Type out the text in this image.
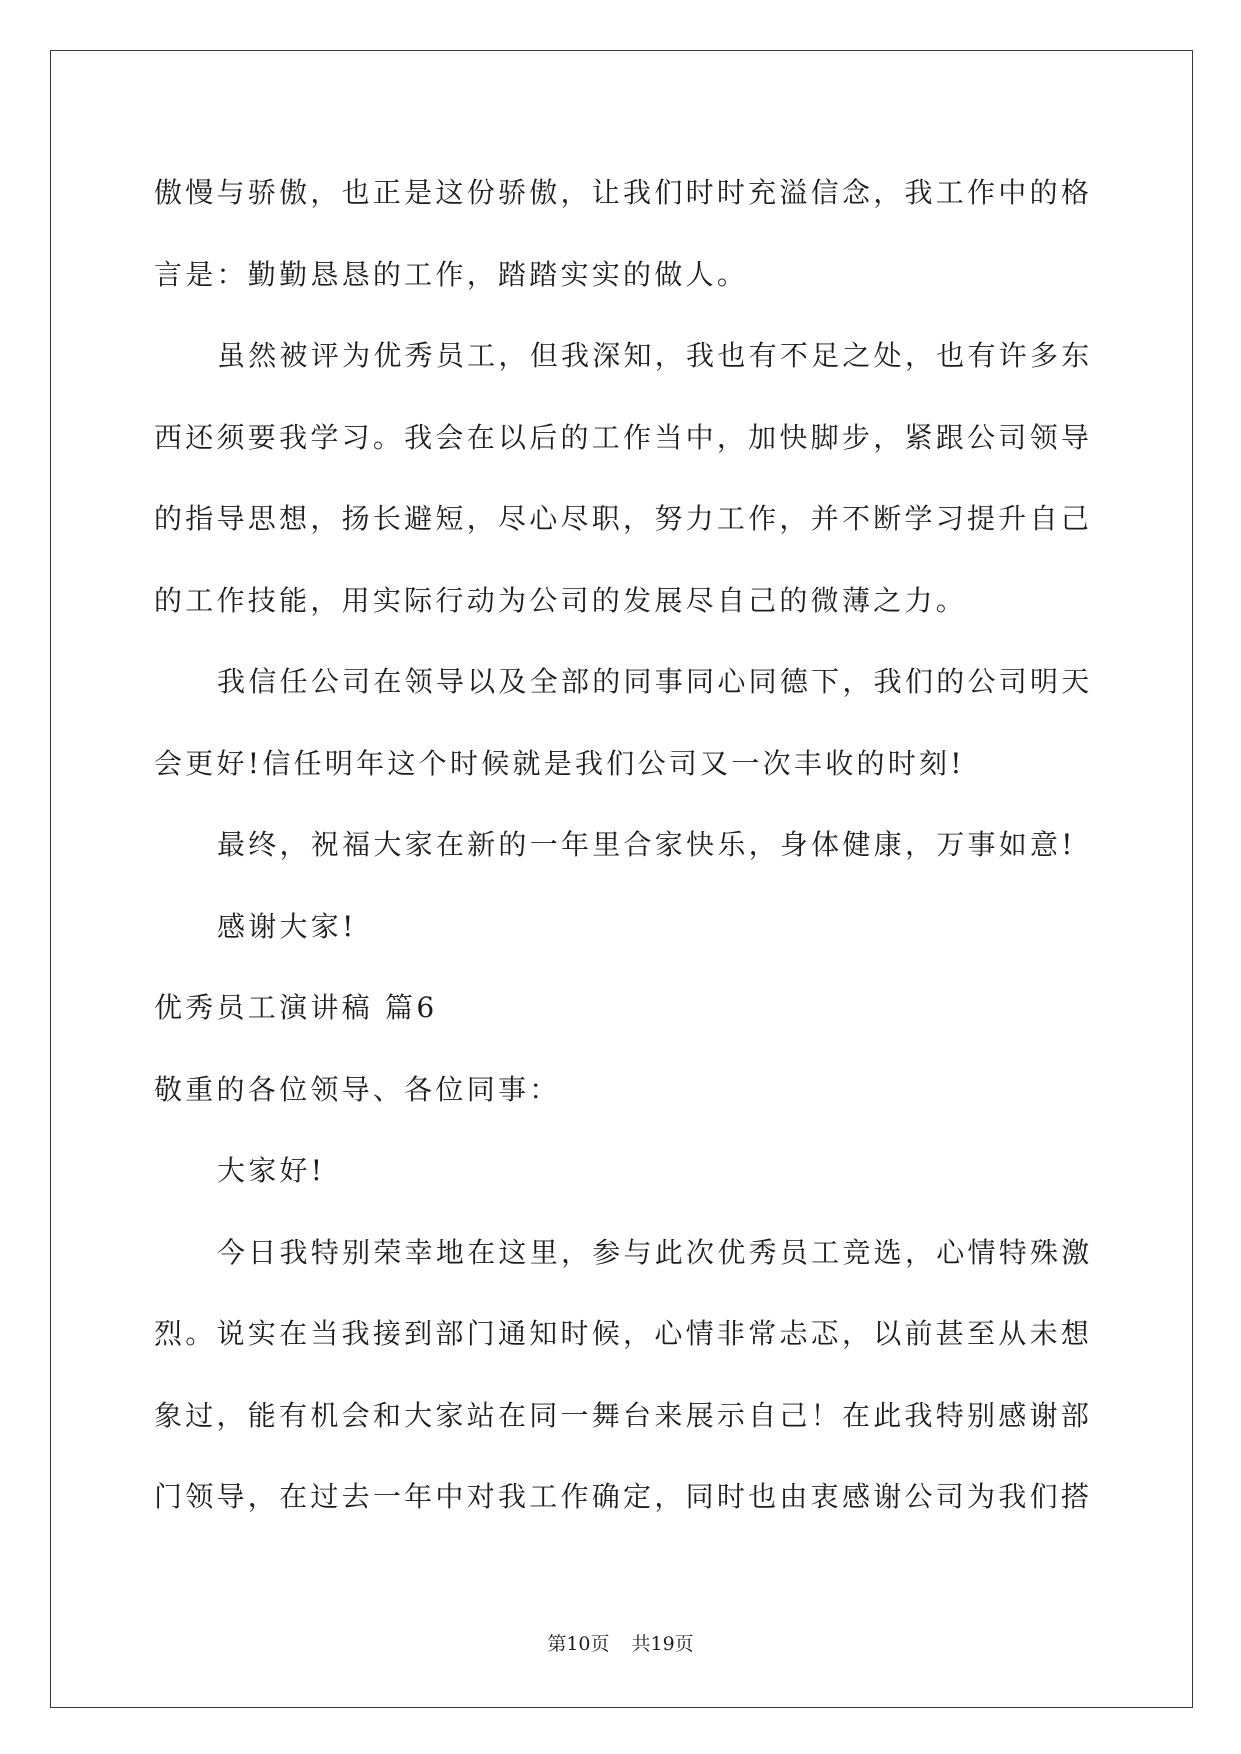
傲慢与骄傲，也正是这份骄傲，让我们时时充溢信念，我工作中的格
言是：勤勤恳恳的工作，踏踏实实的做人。
虽然被评为优秀员工，但我深知，我也有不足之处，也有许多东
西还须要我学习。我会在以后的工作当中，加快脚步，紧跟公司领导
的指导思想，扬长避短，尽心尽职，努力工作，并不断学习提升自己
的工作技能，用实际行动为公司的发展尽自己的微薄之力。
我信任公司在领导以及全部的同事同心同德下，我们的公司明天
会更好!信任明年这个时候就是我们公司又一次丰收的时刻!
最终，祝福大家在新的一年里合家快乐，身体健康，万事如意!
感谢大家!
优秀员工演讲稿 篇6
敬重的各位领导、各位同事：
大家好!
今日我特别荣幸地在这里，参与此次优秀员工竞选，心情特殊激
烈。说实在当我接到部门通知时候，心情非常忐忑，以前甚至从未想
象过，能有机会和大家站在同一舞台来展示自己！在此我特别感谢部
门领导，在过去一年中对我工作确定，同时也由衷感谢公司为我们搭
第10页 共19页
